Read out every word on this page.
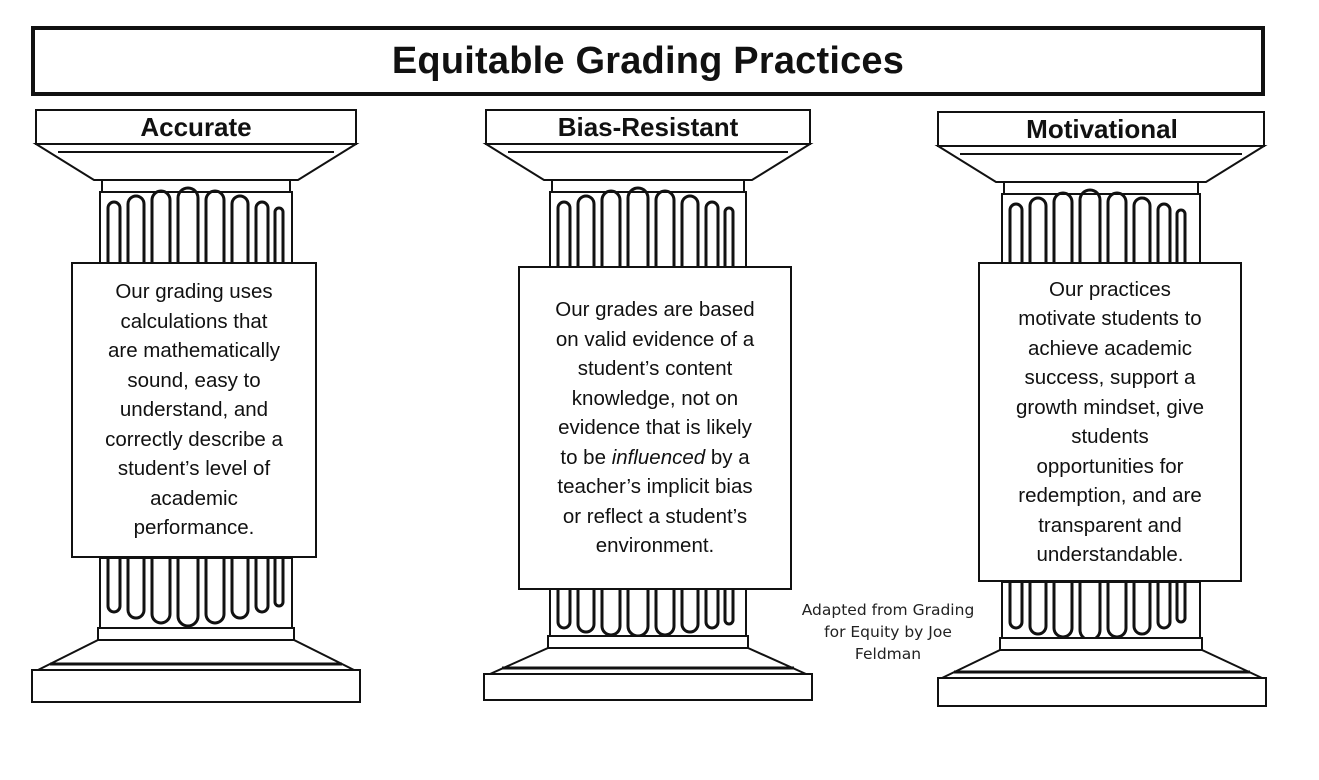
Equitable Grading Practices
Accurate
Our grading uses
calculations that
are mathematically
sound, easy to
understand, and
correctly describe a
student’s level of
academic
performance.
Bias-Resistant
Our grades are based
on valid evidence of a
student’s content
knowledge, not on
evidence that is likely
to be influenced by a
teacher’s implicit bias
or reflect a student’s
environment.
Motivational
Our practices
motivate students to
achieve academic
success, support a
growth mindset, give
students
opportunities for
redemption, and are
transparent and
understandable.
Adapted from Grading
for Equity by Joe
Feldman
